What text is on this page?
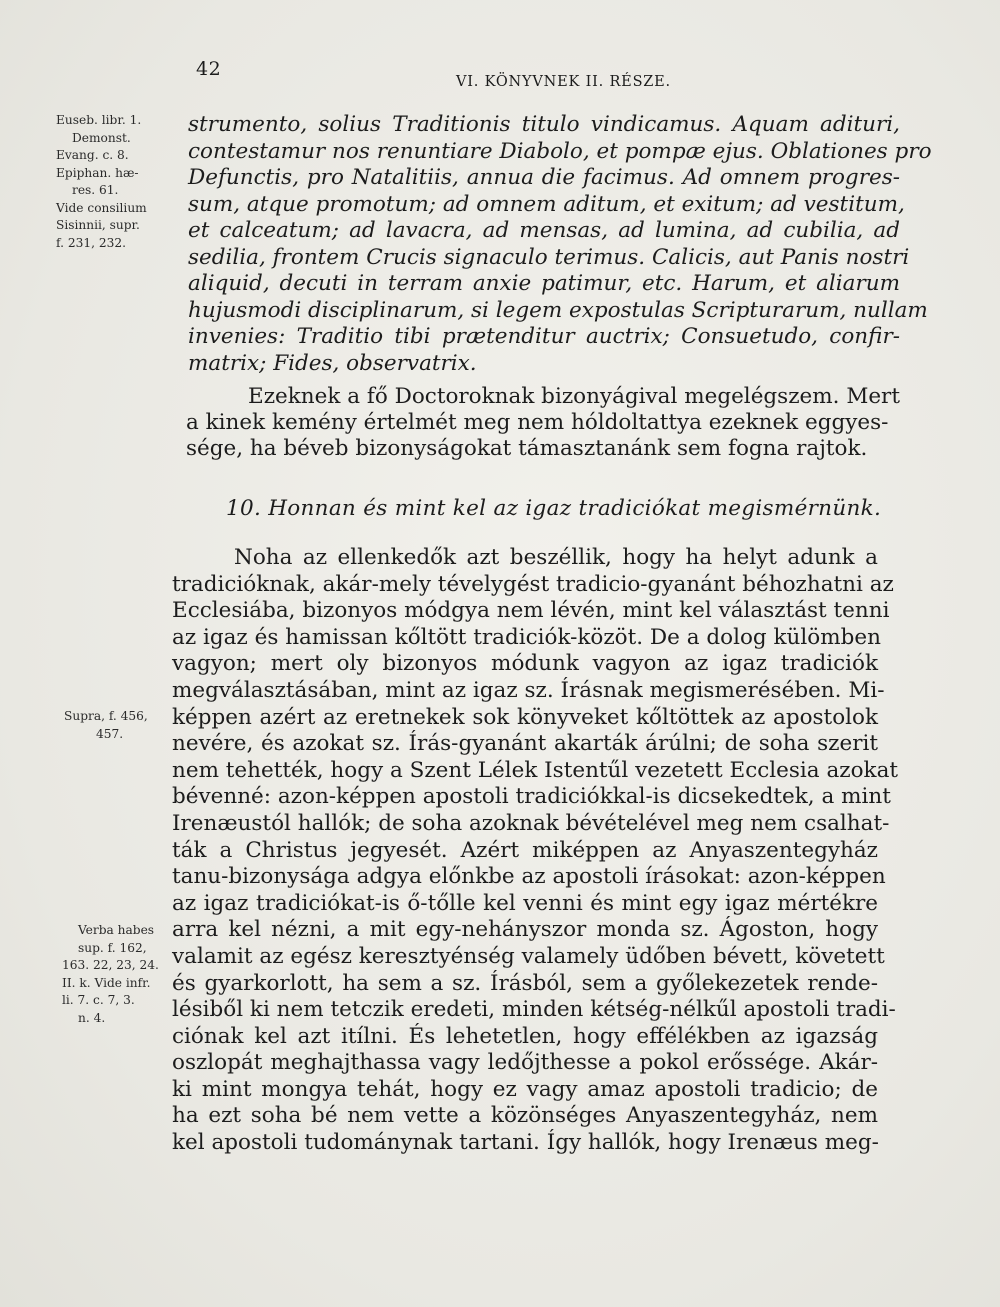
42
VI. KÖNYVNEK II. RÉSZE.
Euseb. libr. 1.
Demonst.
Evang. c. 8.
Epiphan. hæ-
res. 61.
Vide consilium
Sisinnii, supr.
f. 231, 232.
Supra, f. 456,
457.
Verba habes
sup. f. 162,
163. 22, 23, 24.
II. k. Vide infr.
li. 7. c. 7, 3.
n. 4.
strumento, solius Traditionis titulo vindicamus. Aquam adituri,
contestamur nos renuntiare Diabolo, et pompæ ejus. Oblationes pro
Defunctis, pro Natalitiis, annua die facimus. Ad omnem progres-
sum, atque promotum; ad omnem aditum, et exitum; ad vestitum,
et calceatum; ad lavacra, ad mensas, ad lumina, ad cubilia, ad
sedilia, frontem Crucis signaculo terimus. Calicis, aut Panis nostri
aliquid, decuti in terram anxie patimur, etc. Harum, et aliarum
hujusmodi disciplinarum, si legem expostulas Scripturarum, nullam
invenies: Traditio tibi prætenditur auctrix; Consuetudo, confir-
matrix; Fides, observatrix.
Ezeknek a fő Doctoroknak bizonyágival megelégszem. Mert
a kinek kemény értelmét meg nem hóldoltattya ezeknek eggyes-
sége, ha béveb bizonyságokat támasztanánk sem fogna rajtok.
10. Honnan és mint kel az igaz tradiciókat megismérnünk.
Noha az ellenkedők azt beszéllik, hogy ha helyt adunk a
tradicióknak, akár-mely tévelygést tradicio-gyanánt béhozhatni az
Ecclesiába, bizonyos módgya nem lévén, mint kel választást tenni
az igaz és hamissan kőltött tradiciók-közöt. De a dolog külömben
vagyon; mert oly bizonyos módunk vagyon az igaz tradiciók
megválasztásában, mint az igaz sz. Írásnak megismerésében. Mi-
képpen azért az eretnekek sok könyveket kőltöttek az apostolok
nevére, és azokat sz. Írás-gyanánt akarták árúlni; de soha szerit
nem tehették, hogy a Szent Lélek Istentűl vezetett Ecclesia azokat
bévenné: azon-képpen apostoli tradiciókkal-is dicsekedtek, a mint
Irenæustól hallók; de soha azoknak bévételével meg nem csalhat-
ták a Christus jegyesét. Azért miképpen az Anyaszentegyház
tanu-bizonysága adgya előnkbe az apostoli írásokat: azon-képpen
az igaz tradiciókat-is ő-tőlle kel venni és mint egy igaz mértékre
arra kel nézni, a mit egy-nehányszor monda sz. Ágoston, hogy
valamit az egész keresztyénség valamely üdőben bévett, követett
és gyarkorlott, ha sem a sz. Írásból, sem a győlekezetek rende-
lésiből ki nem tetczik eredeti, minden kétség-nélkűl apostoli tradi-
ciónak kel azt itílni. És lehetetlen, hogy effélékben az igazság
oszlopát meghajthassa vagy ledőjthesse a pokol erőssége. Akár-
ki mint mongya tehát, hogy ez vagy amaz apostoli tradicio; de
ha ezt soha bé nem vette a közönséges Anyaszentegyház, nem
kel apostoli tudománynak tartani. Így hallók, hogy Irenæus meg-
